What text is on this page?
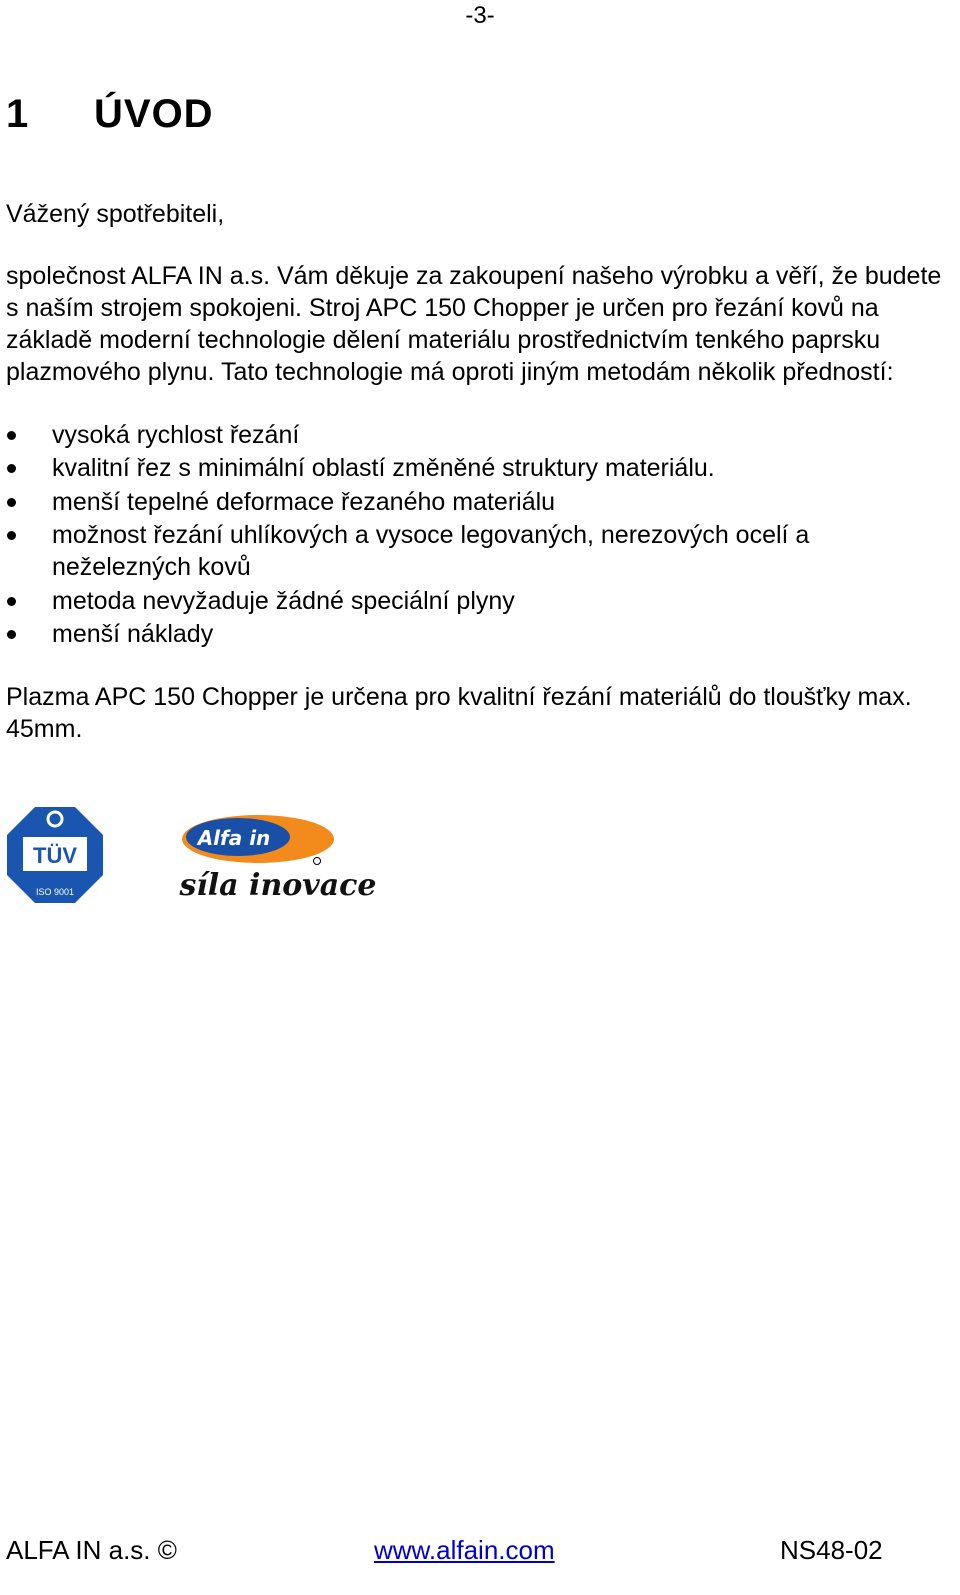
-3-
1 ÚVOD

Vážený spotřebiteli,

společnost ALFA IN a.s. Vám děkuje za zakoupení našeho výrobku a věří, že budete s naším strojem spokojeni. Stroj APC 150 Chopper je určen pro řezání kovů na základě moderní technologie dělení materiálu prostřednictvím tenkého paprsku plazmového plynu. Tato technologie má oproti jiným metodám několik předností:

vysoká rychlost řezání
kvalitní řez s minimální oblastí změněné struktury materiálu.
menší tepelné deformace řezaného materiálu
možnost řezání uhlíkových a vysoce legovaných, nerezových ocelí a neželezných kovů
metoda nevyžaduje žádné speciální plyny
menší náklady

Plazma APC 150 Chopper je určena pro kvalitní řezání materiálů do tloušťky max. 45mm.

TÜV
ISO 9001
Alfa in
síla inovace
ALFA IN a.s. ©	www.alfain.com	NS48-02
